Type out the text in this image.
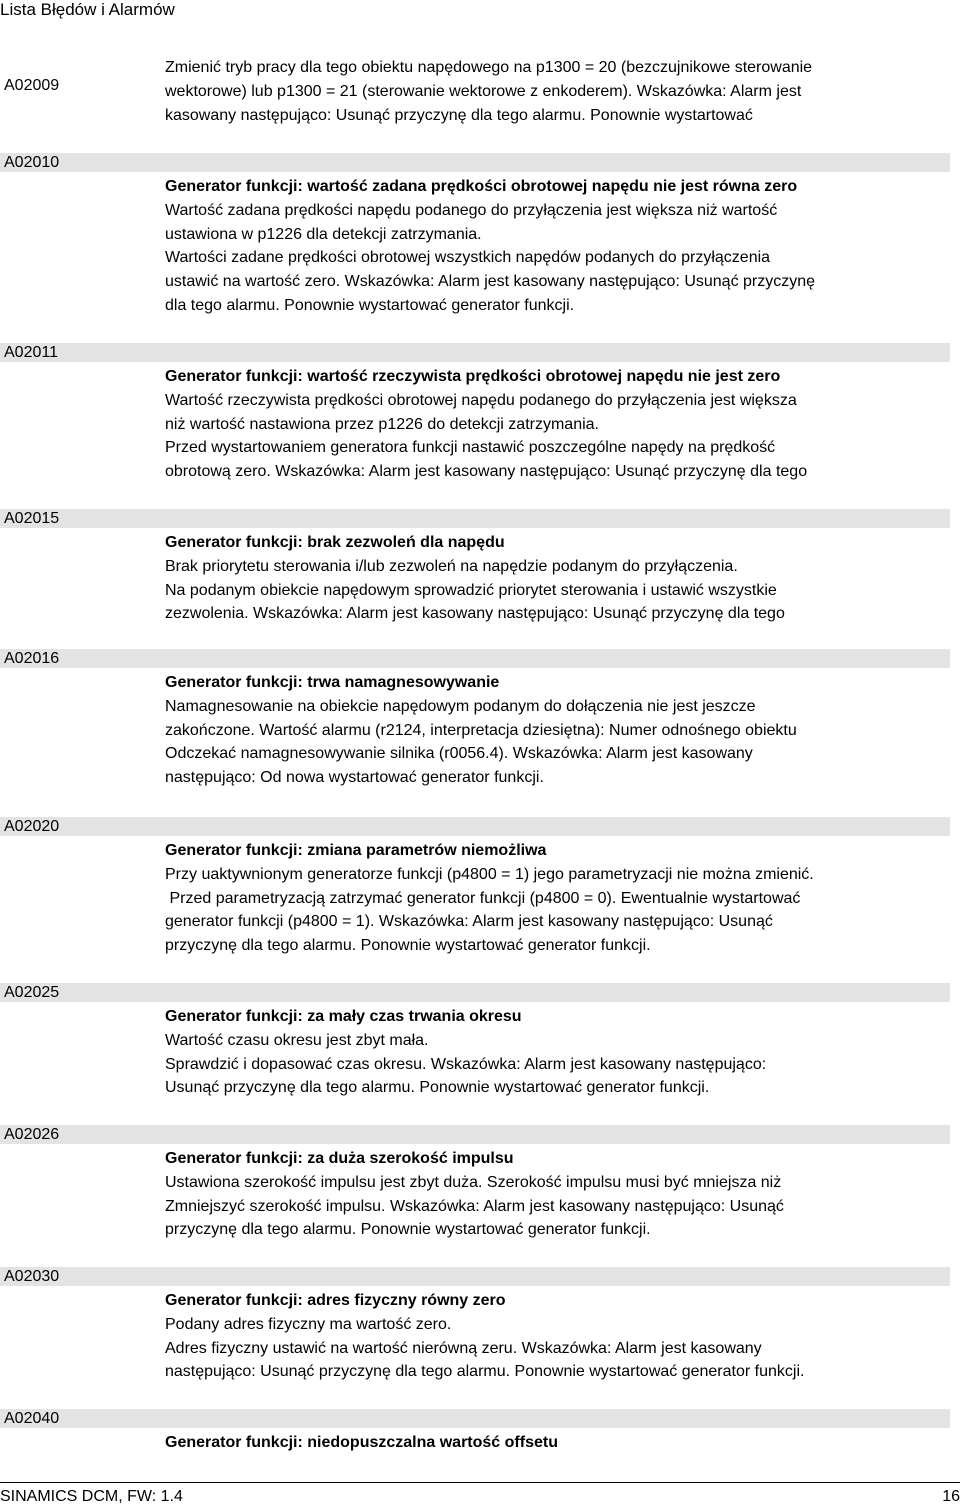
Lista Błędów i Alarmów
A02009
Zmienić tryb pracy dla tego obiektu napędowego na p1300 = 20 (bezczujnikowe sterowanie
wektorowe) lub p1300 = 21 (sterowanie wektorowe z enkoderem). Wskazówka: Alarm jest
kasowany następująco: Usunąć przyczynę dla tego alarmu. Ponownie wystartować
A02010
Generator funkcji: wartość zadana prędkości obrotowej napędu nie jest równa zero
Wartość zadana prędkości napędu podanego do przyłączenia jest większa niż wartość
ustawiona w p1226 dla detekcji zatrzymania.
Wartości zadane prędkości obrotowej wszystkich napędów podanych do przyłączenia
ustawić na wartość zero. Wskazówka: Alarm jest kasowany następująco: Usunąć przyczynę
dla tego alarmu. Ponownie wystartować generator funkcji.
A02011
Generator funkcji: wartość rzeczywista prędkości obrotowej napędu nie jest zero
Wartość rzeczywista prędkości obrotowej napędu podanego do przyłączenia jest większa
niż wartość nastawiona przez p1226 do detekcji zatrzymania.
Przed wystartowaniem generatora funkcji nastawić poszczególne napędy na prędkość
obrotową zero. Wskazówka: Alarm jest kasowany następująco: Usunąć przyczynę dla tego
A02015
Generator funkcji: brak zezwoleń dla napędu
Brak priorytetu sterowania i/lub zezwoleń na napędzie podanym do przyłączenia.
Na podanym obiekcie napędowym sprowadzić priorytet sterowania i ustawić wszystkie
zezwolenia. Wskazówka: Alarm jest kasowany następująco: Usunąć przyczynę dla tego
A02016
Generator funkcji: trwa namagnesowywanie
Namagnesowanie na obiekcie napędowym podanym do dołączenia nie jest jeszcze
zakończone. Wartość alarmu (r2124, interpretacja dziesiętna): Numer odnośnego obiektu
Odczekać namagnesowywanie silnika (r0056.4). Wskazówka: Alarm jest kasowany
następująco: Od nowa wystartować generator funkcji.
A02020
Generator funkcji: zmiana parametrów niemożliwa
Przy uaktywnionym generatorze funkcji (p4800 = 1) jego parametryzacji nie można zmienić.
Przed parametryzacją zatrzymać generator funkcji (p4800 = 0). Ewentualnie wystartować
generator funkcji (p4800 = 1). Wskazówka: Alarm jest kasowany następująco: Usunąć
przyczynę dla tego alarmu. Ponownie wystartować generator funkcji.
A02025
Generator funkcji: za mały czas trwania okresu
Wartość czasu okresu jest zbyt mała.
Sprawdzić i dopasować czas okresu. Wskazówka: Alarm jest kasowany następująco:
Usunąć przyczynę dla tego alarmu. Ponownie wystartować generator funkcji.
A02026
Generator funkcji: za duża szerokość impulsu
Ustawiona szerokość impulsu jest zbyt duża. Szerokość impulsu musi być mniejsza niż
Zmniejszyć szerokość impulsu. Wskazówka: Alarm jest kasowany następująco: Usunąć
przyczynę dla tego alarmu. Ponownie wystartować generator funkcji.
A02030
Generator funkcji: adres fizyczny równy zero
Podany adres fizyczny ma wartość zero.
Adres fizyczny ustawić na wartość nierówną zeru. Wskazówka: Alarm jest kasowany
następująco: Usunąć przyczynę dla tego alarmu. Ponownie wystartować generator funkcji.
A02040
Generator funkcji: niedopuszczalna wartość offsetu
SINAMICS DCM, FW: 1.4	16
